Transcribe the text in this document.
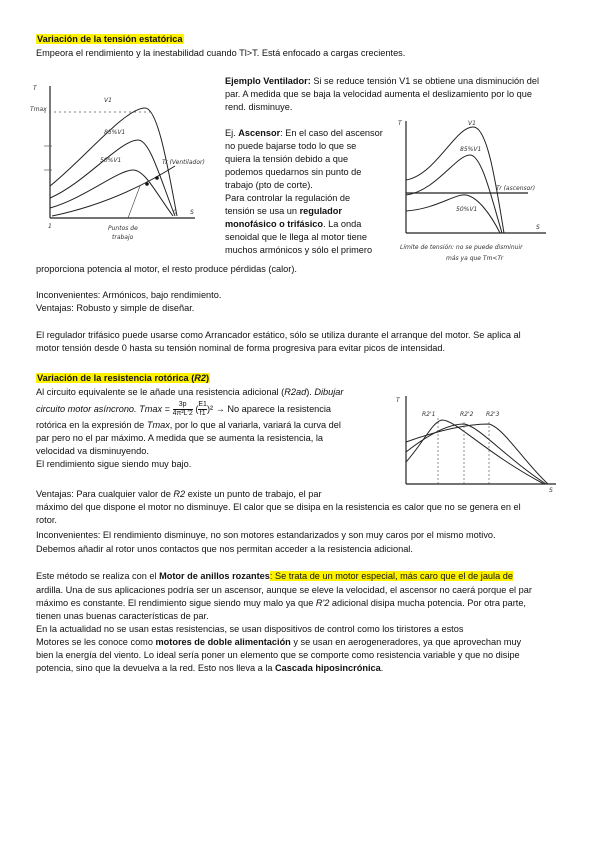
Variación de la tensión estatórica
Empeora el rendimiento y la inestabilidad cuando Tl>T. Está enfocado a cargas crecientes.
Ejemplo Ventilador: Si se reduce tensión V1 se obtiene una disminución del
par. A medida que se baja la velocidad aumenta el deslizamiento por lo que
rend. disminuye.
Ej. Ascensor: En el caso del ascensor
no puede bajarse todo lo que se
quiera la tensión debido a que
podemos quedarnos sin punto de
trabajo (pto de corte).
Para controlar la regulación de
tensión se usa un regulador
monofásico o trifásico. La onda
senoidal que le llega al motor tiene
muchos armónicos y sólo el primero
proporciona potencia al motor, el resto produce pérdidas (calor).
Inconvenientes: Armónicos, bajo rendimiento.
Ventajas: Robusto y simple de diseñar.
El regulador trifásico puede usarse como Arrancador estático, sólo se utiliza durante el arranque del motor. Se aplica al
motor tensión desde 0 hasta su tensión nominal de forma progresiva para evitar picos de intensidad.
T
Tmax
V1
85%V1
50%V1	Tr (Ventilador)
1
0 S
Puntos de
trabajo
T	V1
85%V1
50%V1
Tr (ascensor)
S
Límite de tensión: no se puede disminuir
más ya que Tm<Tr
Variación de la resistencia rotórica (R2)
Al circuito equivalente se le añade una resistencia adicional (R2ad). Dibujar
circuito motor asíncrono. $Tmax = \frac{3p}{\text{4π²L′2}}$ ( $\frac{E1}{f1} )^2 \to No$ aparece la resistencia
rotórica en la expresión de Tmax, por lo que al variarla, variará la curva del
par pero no el par máximo. A medida que se aumenta la resistencia, la
velocidad va disminuyendo.
El rendimiento sigue siendo muy bajo.
Ventajas: Para cualquier valor de R2 existe un punto de trabajo, el par
máximo del que dispone el motor no disminuye. El calor que se disipa en la resistencia es calor que no se genera en el
rotor.
Inconvenientes: El rendimiento disminuye, no son motores estandarizados y son muy caros por el mismo motivo.
Debemos añadir al rotor unos contactos que nos permitan acceder a la resistencia adicional.
Este método se realiza con el Motor de anillos rozantes: Se trata de un motor especial, más caro que el de jaula de
ardilla. Una de sus aplicaciones podría ser un ascensor, aunque se eleve la velocidad, el ascensor no caerá porque el par
máximo es constante. El rendimiento sigue siendo muy malo ya que R'2 adicional disipa mucha potencia. Por otra parte,
tienen unas buenas características de par.
En la actualidad no se usan estas resistencias, se usan dispositivos de control como los tiristores a estos
Motores se les conoce como motores de doble alimentación y se usan en aerogeneradores, ya que aprovechan muy
bien la energía del viento. Lo ideal sería poner un elemento que se comporte como resistencia variable y que no disipe
potencia, sino que la devuelva a la red. Esto nos lleva a la Cascada hiposincrónica.
T
S
R2'1	R2'2 R2'3
